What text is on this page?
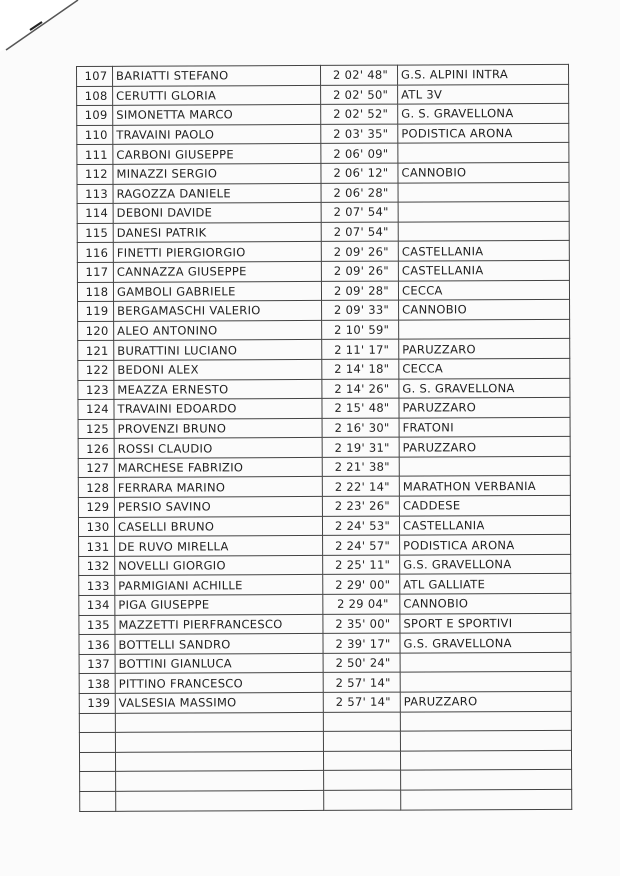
107	BARIATTI STEFANO	2 02' 48"	G.S. ALPINI INTRA
108	CERUTTI GLORIA	2 02' 50"	ATL 3V
109	SIMONETTA MARCO	2 02' 52"	G. S. GRAVELLONA
110	TRAVAINI PAOLO	2 03' 35"	PODISTICA ARONA
111	CARBONI GIUSEPPE	2 06' 09"	
112	MINAZZI SERGIO	2 06' 12"	CANNOBIO
113	RAGOZZA DANIELE	2 06' 28"	
114	DEBONI DAVIDE	2 07' 54"	
115	DANESI PATRIK	2 07' 54"	
116	FINETTI PIERGIORGIO	2 09' 26"	CASTELLANIA
117	CANNAZZA GIUSEPPE	2 09' 26"	CASTELLANIA
118	GAMBOLI GABRIELE	2 09' 28"	CECCA
119	BERGAMASCHI VALERIO	2 09' 33"	CANNOBIO
120	ALEO ANTONINO	2 10' 59"	
121	BURATTINI LUCIANO	2 11' 17"	PARUZZARO
122	BEDONI ALEX	2 14' 18"	CECCA
123	MEAZZA ERNESTO	2 14' 26"	G. S. GRAVELLONA
124	TRAVAINI EDOARDO	2 15' 48"	PARUZZARO
125	PROVENZI BRUNO	2 16' 30"	FRATONI
126	ROSSI CLAUDIO	2 19' 31"	PARUZZARO
127	MARCHESE FABRIZIO	2 21' 38"	
128	FERRARA MARINO	2 22' 14"	MARATHON VERBANIA
129	PERSIO SAVINO	2 23' 26"	CADDESE
130	CASELLI BRUNO	2 24' 53"	CASTELLANIA
131	DE RUVO MIRELLA	2 24' 57"	PODISTICA ARONA
132	NOVELLI GIORGIO	2 25' 11"	G.S. GRAVELLONA
133	PARMIGIANI ACHILLE	2 29' 00"	ATL GALLIATE
134	PIGA GIUSEPPE	2 29 04"	CANNOBIO
135	MAZZETTI PIERFRANCESCO	2 35' 00"	SPORT E SPORTIVI
136	BOTTELLI SANDRO	2 39' 17"	G.S. GRAVELLONA
137	BOTTINI GIANLUCA	2 50' 24"	
138	PITTINO FRANCESCO	2 57' 14"	
139	VALSESIA MASSIMO	2 57' 14"	PARUZZARO
